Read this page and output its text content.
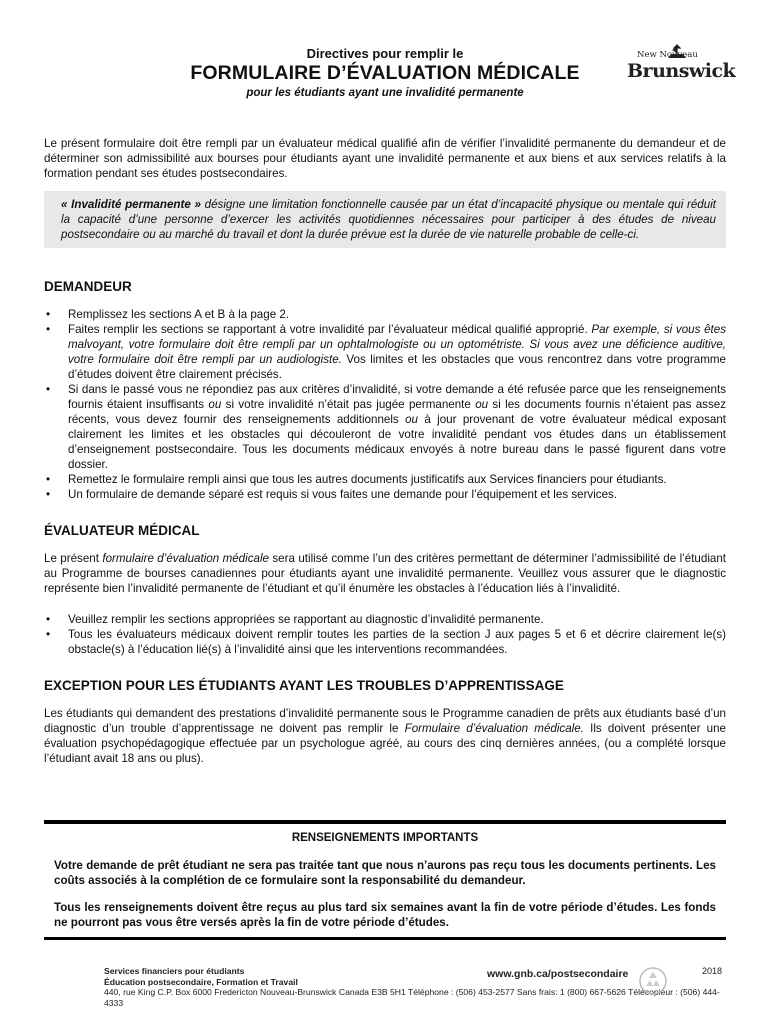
Directives pour remplir le
FORMULAIRE D’ÉVALUATION MÉDICALE
pour les étudiants ayant une invalidité permanente
New Nouveau
Brunswick

Le présent formulaire doit être rempli par un évaluateur médical qualifié afin de vérifier l’invalidité permanente du demandeur et de déterminer son admissibilité aux bourses pour étudiants ayant une invalidité permanente et aux biens et aux services relatifs à la formation pendant ses études postsecondaires.

« Invalidité permanente » désigne une limitation fonctionnelle causée par un état d’incapacité physique ou mentale qui réduit la capacité d’une personne d’exercer les activités quotidiennes nécessaires pour participer à des études de niveau postsecondaire ou au marché du travail et dont la durée prévue est la durée de vie naturelle probable de celle-ci.
DEMANDEUR
• Remplissez les sections A et B à la page 2.
• Faites remplir les sections se rapportant à votre invalidité par l’évaluateur médical qualifié approprié. Par exemple, si vous êtes malvoyant, votre formulaire doit être rempli par un ophtalmologiste ou un optométriste. Si vous avez une déficience auditive, votre formulaire doit être rempli par un audiologiste. Vos limites et les obstacles que vous rencontrez dans votre programme d’études doivent être clairement précisés.
• Si dans le passé vous ne répondiez pas aux critères d’invalidité, si votre demande a été refusée parce que les renseignements fournis étaient insuffisants ou si votre invalidité n’était pas jugée permanente ou si les documents fournis n’étaient pas assez récents, vous devez fournir des renseignements additionnels ou à jour provenant de votre évaluateur médical exposant clairement les limites et les obstacles qui découleront de votre invalidité pendant vos études dans un établissement d’enseignement postsecondaire. Tous les documents médicaux envoyés à notre bureau dans le passé figurent dans votre dossier.
• Remettez le formulaire rempli ainsi que tous les autres documents justificatifs aux Services financiers pour étudiants.
• Un formulaire de demande séparé est requis si vous faites une demande pour l’équipement et les services.
ÉVALUATEUR MÉDICAL

Le présent formulaire d’évaluation médicale sera utilisé comme l’un des critères permettant de déterminer l’admissibilité de l’étudiant au Programme de bourses canadiennes pour étudiants ayant une invalidité permanente. Veuillez vous assurer que le diagnostic représente bien l’invalidité permanente de l’étudiant et qu’il énumère les obstacles à l’éducation liés à l’invalidité.

• Veuillez remplir les sections appropriées se rapportant au diagnostic d’invalidité permanente.
• Tous les évaluateurs médicaux doivent remplir toutes les parties de la section J aux pages 5 et 6 et décrire clairement le(s) obstacle(s) à l’éducation lié(s) à l’invalidité ainsi que les interventions recommandées.
EXCEPTION POUR LES ÉTUDIANTS AYANT LES TROUBLES D’APPRENTISSAGE

Les étudiants qui demandent des prestations d’invalidité permanente sous le Programme canadien de prêts aux étudiants basé d’un diagnostic d’un trouble d’apprentissage ne doivent pas remplir le Formulaire d’évaluation médicale. Ils doivent présenter une évaluation psychopédagogique effectuée par un psychologue agréé, au cours des cinq dernières années, (ou a complété lorsque l’étudiant avait 18 ans ou plus).

RENSEIGNEMENTS IMPORTANTS

Votre demande de prêt étudiant ne sera pas traitée tant que nous n’aurons pas reçu tous les documents pertinents. Les coûts associés à la complétion de ce formulaire sont la responsabilité du demandeur.

Tous les renseignements doivent être reçus au plus tard six semaines avant la fin de votre période d’études. Les fonds ne pourront pas vous être versés après la fin de votre période d’études.

Services financiers pour étudiants
Éducation postsecondaire, Formation et Travail
440, rue King C.P. Box 6000 Fredericton Nouveau-Brunswick Canada E3B 5H1 Téléphone : (506) 453-2577 Sans frais: 1 (800) 667-5626 Télécopieur : (506) 444-4333
www.gnb.ca/postsecondaire	2018
